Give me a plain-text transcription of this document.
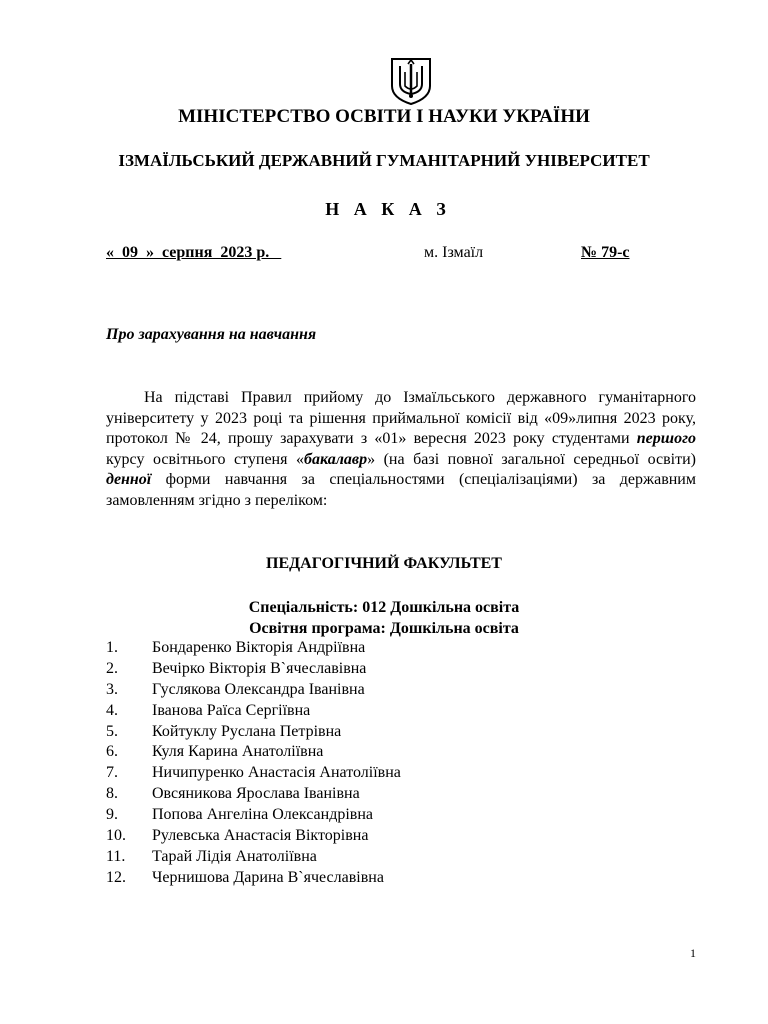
МІНІСТЕРСТВО ОСВІТИ І НАУКИ УКРАЇНИ
ІЗМАЇЛЬСЬКИЙ ДЕРЖАВНИЙ ГУМАНІТАРНИЙ УНІВЕРСИТЕТ
Н А К А З
«  09  »  серпня  2023 р.	м. Ізмаїл	№ 79-с
Про зарахування на навчання
На підставі Правил прийому до Ізмаїльського державного гуманітарного університету у 2023 році та рішення приймальної комісії від «09»липня 2023 року, протокол № 24, прошу зарахувати з «01» вересня 2023 року студентами першого курсу освітнього ступеня «бакалавр» (на базі повної загальної середньої освіти) денної форми навчання за спеціальностями (спеціалізаціями) за державним замовленням згідно з переліком:
ПЕДАГОГІЧНИЙ ФАКУЛЬТЕТ
Спеціальність: 012 Дошкільна освіта
Освітня програма: Дошкільна освіта
1. Бондаренко Вікторія Андріївна
2. Вечірко Вікторія В`ячеславівна
3. Гуслякова Олександра Іванівна
4. Іванова Раїса Сергіївна
5. Койтуклу Руслана Петрівна
6. Куля Карина Анатоліївна
7. Ничипуренко Анастасія Анатоліївна
8. Овсяникова Ярослава Іванівна
9. Попова Ангеліна Олександрівна
10. Рулевська Анастасія Вікторівна
11. Тарай Лідія Анатоліївна
12. Чернишова Дарина В`ячеславівна
1
